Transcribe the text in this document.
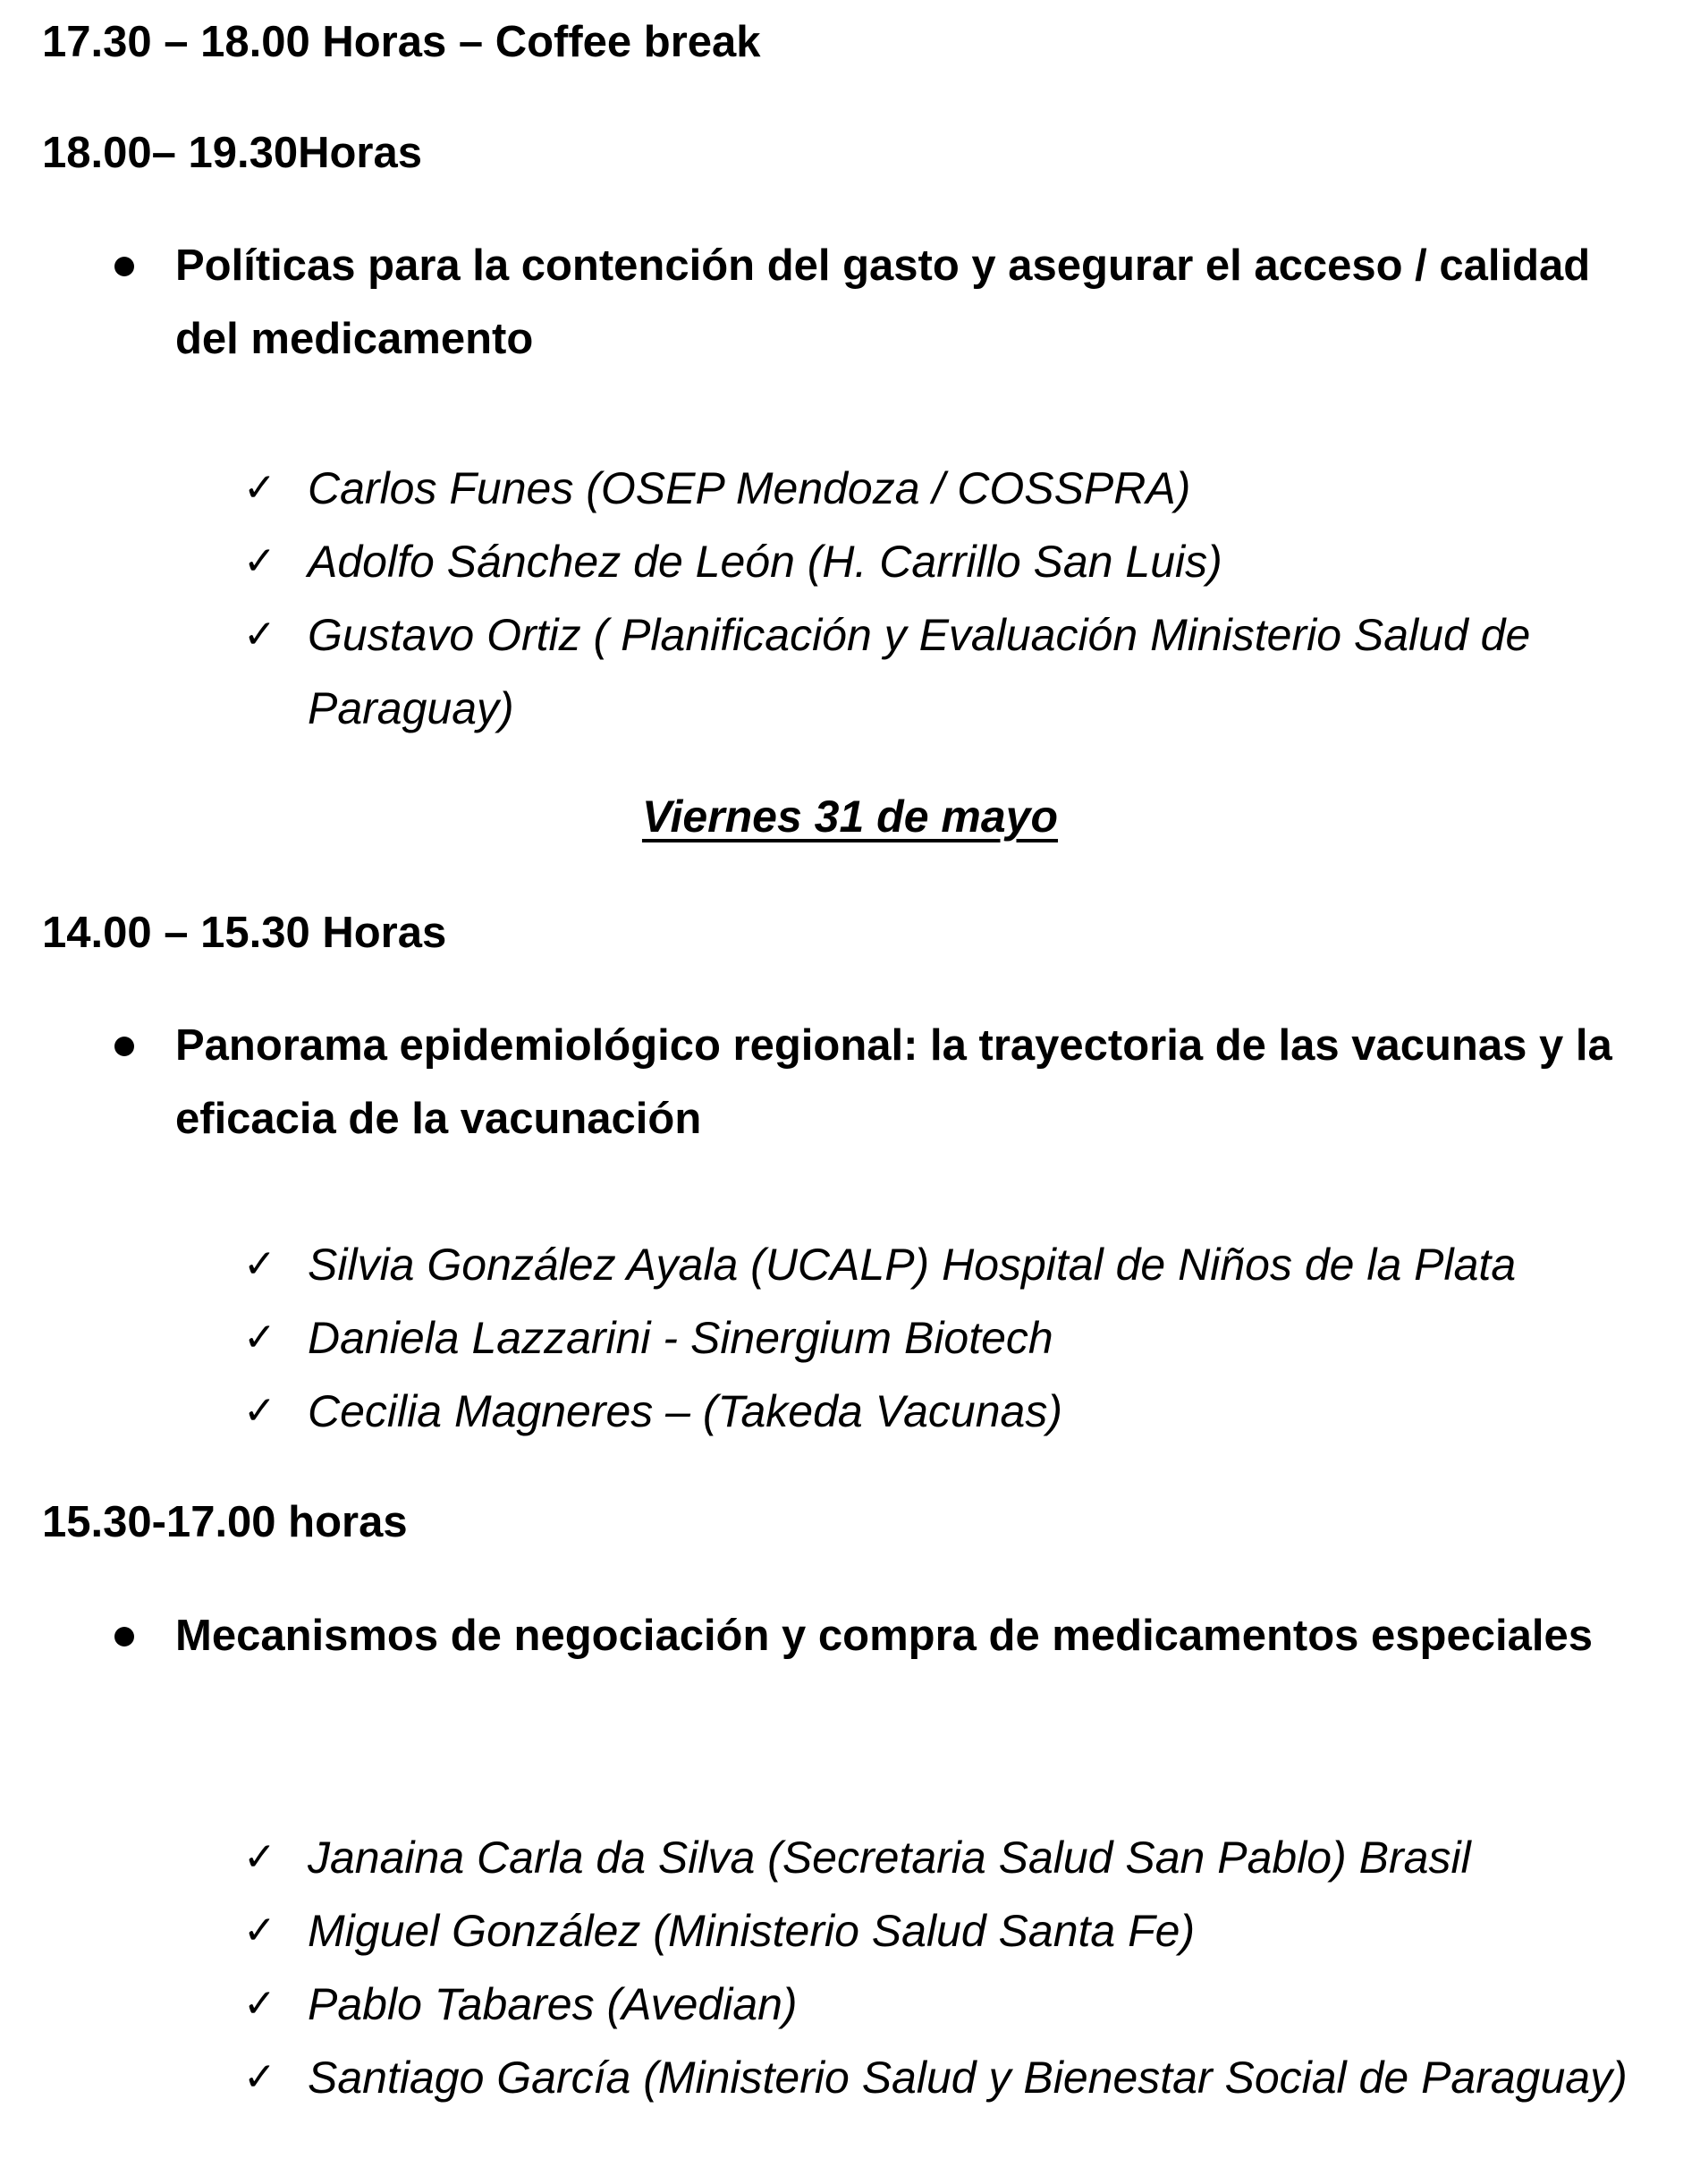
17.30 – 18.00 Horas – Coffee break
18.00– 19.30Horas
Políticas para la contención del gasto y asegurar el acceso / calidad del medicamento
✓ Carlos Funes (OSEP Mendoza / COSSPRA)
✓ Adolfo Sánchez de León (H. Carrillo San Luis)
✓ Gustavo Ortiz ( Planificación y Evaluación Ministerio Salud de Paraguay)
Viernes 31 de mayo
14.00 – 15.30 Horas
Panorama epidemiológico regional: la trayectoria de las vacunas y la eficacia de la vacunación
✓ Silvia González Ayala (UCALP) Hospital de Niños de la Plata
✓ Daniela Lazzarini - Sinergium Biotech
✓ Cecilia Magneres – (Takeda Vacunas)
15.30-17.00 horas
Mecanismos de negociación y compra de medicamentos especiales
✓ Janaina Carla da Silva (Secretaria Salud San Pablo) Brasil
✓ Miguel González (Ministerio Salud Santa Fe)
✓ Pablo Tabares (Avedian)
✓ Santiago García (Ministerio Salud y Bienestar Social de Paraguay)
